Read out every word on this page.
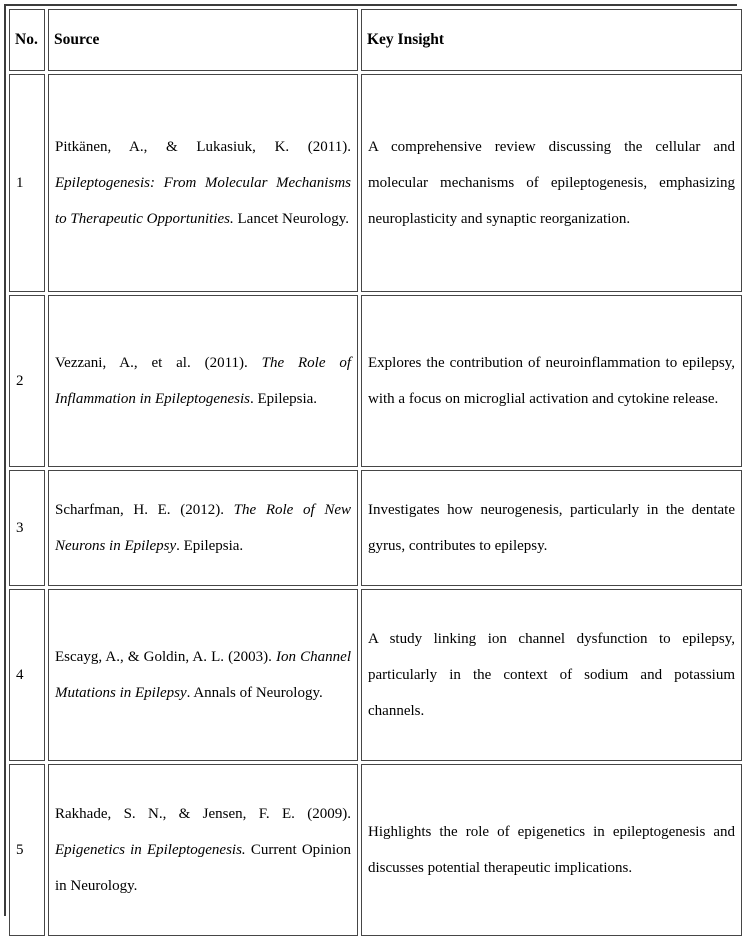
No.	Source	Key Insight
1	Pitkänen, A., & Lukasiuk, K. (2011). Epileptogenesis: From Molecular Mechanisms to Therapeutic Opportunities. Lancet Neurology.	A comprehensive review discussing the cellular and molecular mechanisms of epileptogenesis, emphasizing neuroplasticity and synaptic reorganization.
2	Vezzani, A., et al. (2011). The Role of Inflammation in Epileptogenesis. Epilepsia.	Explores the contribution of neuroinflammation to epilepsy, with a focus on microglial activation and cytokine release.
3	Scharfman, H. E. (2012). The Role of New Neurons in Epilepsy. Epilepsia.	Investigates how neurogenesis, particularly in the dentate gyrus, contributes to epilepsy.
4	Escayg, A., & Goldin, A. L. (2003). Ion Channel Mutations in Epilepsy. Annals of Neurology.	A study linking ion channel dysfunction to epilepsy, particularly in the context of sodium and potassium channels.
5	Rakhade, S. N., & Jensen, F. E. (2009). Epigenetics in Epileptogenesis. Current Opinion in Neurology.	Highlights the role of epigenetics in epileptogenesis and discusses potential therapeutic implications.
